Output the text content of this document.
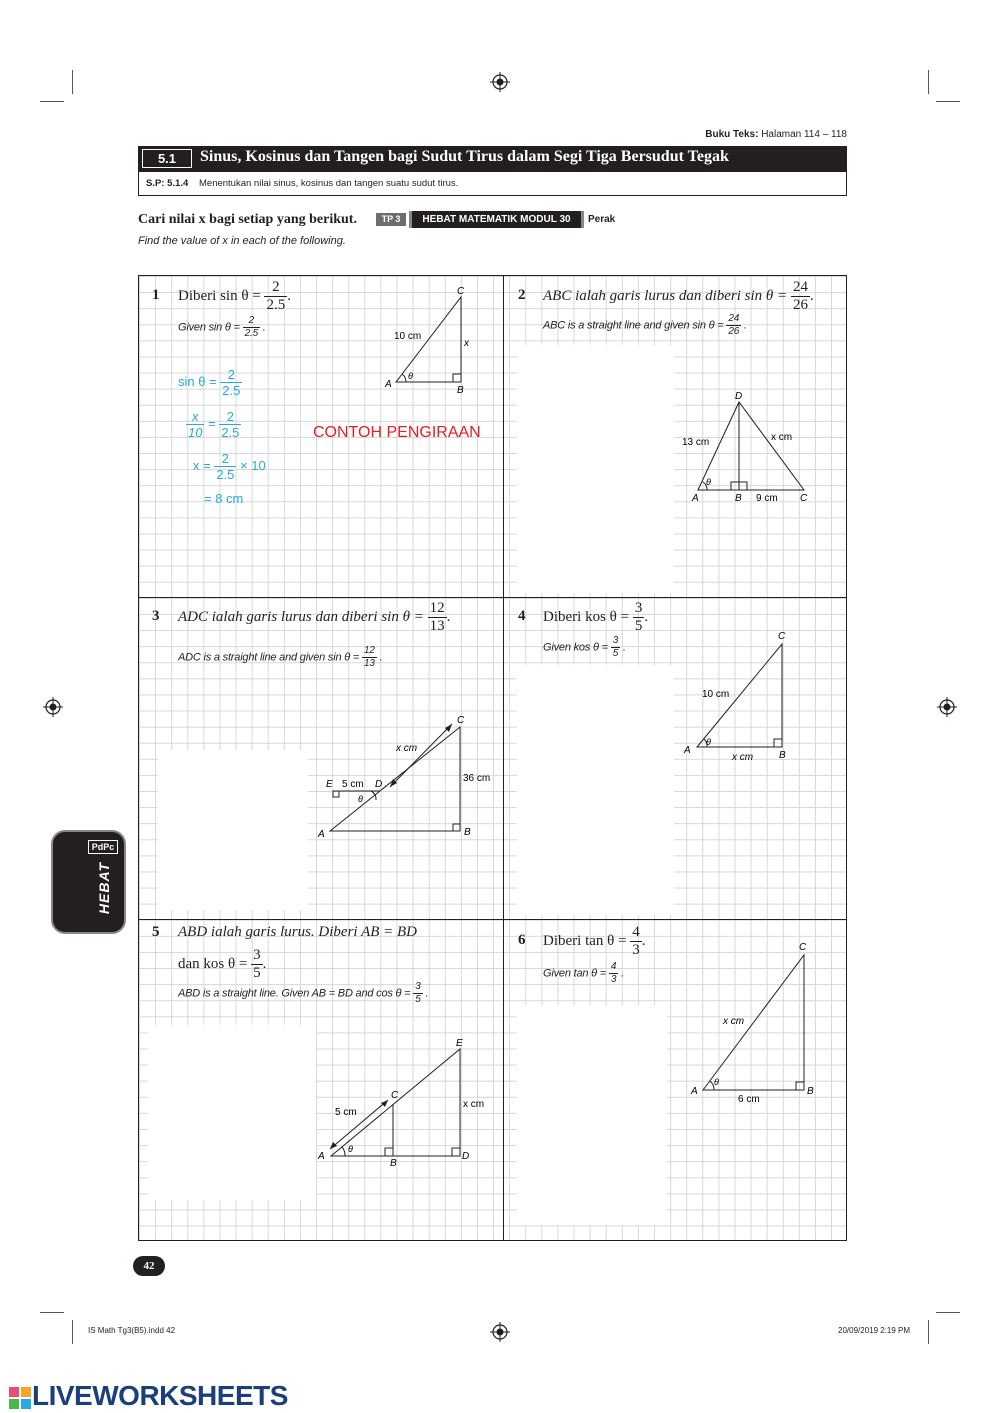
Buku Teks: Halaman 114 – 118
5.1	Sinus, Kosinus dan Tangen bagi Sudut Tirus dalam Segi Tiga Bersudut Tegak
S.P: 5.1.4 Menentukan nilai sinus, kosinus dan tangen suatu sudut tirus.
Cari nilai x bagi setiap yang berikut.	TP 3	HEBAT MATEMATIK MODUL 30	Perak
Find the value of x in each of the following.
1 Diberi $\sin \theta = \frac{2}{2.5}$ .
Given $\sin \theta = \frac{2}{2.5}$ .
C
A
B
θ
10 cm
x
$\sin \theta = \frac{2}{2.5}$
$\frac{x}{10} = \frac{2}{2.5}$
$x = \frac{2}{2.5} \times 10$
= 8 cm
CONTOH PENGIRAAN
2 ABC ialah garis lurus dan diberi $\sin \theta = \frac{24}{26}$ .
ABC is a straight line and given $\sin \theta = \frac{24}{26}$ .
D
A	B	C
θ
13 cm	x cm
9 cm
3 ADC ialah garis lurus dan diberi $\sin \theta = \frac{12}{13}$ .
ADC is a straight line and given $\sin \theta = \frac{12}{13}$ .
C
A	B
D
E
θ
x cm
5 cm
36 cm
4 Diberi kos $\theta = \frac{3}{5}$ .
Given kos $\theta = \frac{3}{5}$ .
C
A	B
θ
10 cm
x cm
5 ABD ialah garis lurus. Diberi AB = BD
dan kos $\theta = \frac{3}{5}$ .
ABD is a straight line. Given AB = BD and $\cos \theta = \frac{3}{5}$ .
E
C
A
B
D
θ
5 cm
x cm
6 Diberi $\tan \theta = \frac{4}{3}$ .
Given $\tan \theta = \frac{4}{3}$ .
C
A	B
θ
x cm
6 cm
PdPc
HEBAT
42
IS Math Tg3(B5).indd 42	20/09/2019 2:19 PM

LIVEWORKSHEETS
